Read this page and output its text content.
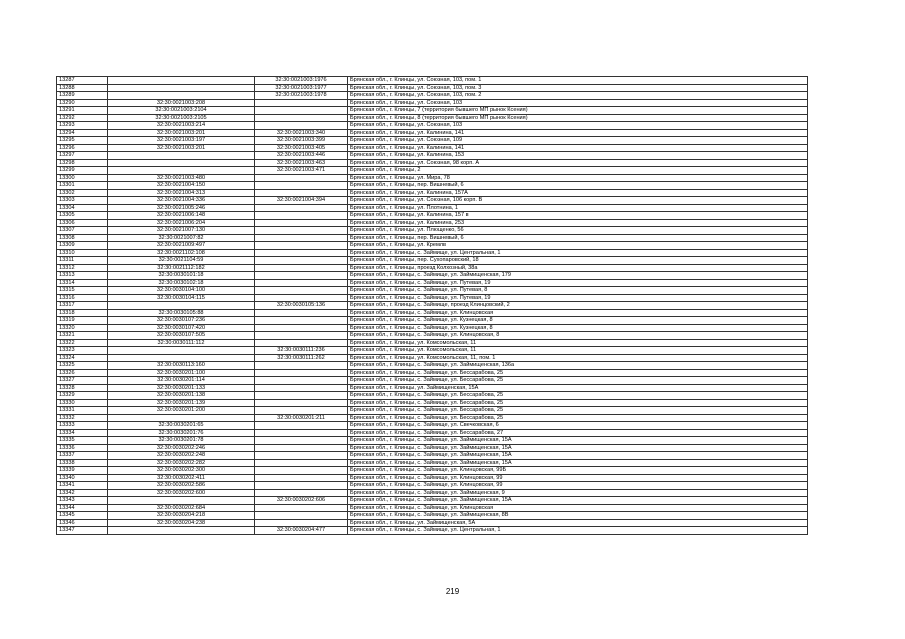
13287		32:30:0021003:1976	Брянская обл., г. Клинцы, ул. Союзная, 103, пом. 1
13288		32:30:0021003:1977	Брянская обл., г. Клинцы, ул. Союзная, 103, пом. 3
13289		32:30:0021003:1978	Брянская обл., г. Клинцы, ул. Союзная, 103, пом. 2
13290	32:30:0021003:208		Брянская обл., г. Клинцы, ул. Союзная, 103
13291	32:30:0021003:2104		Брянская обл., г. Клинцы, 7 (территория бывшего МП рынок Ксения)
13292	32:30:0021003:2105		Брянская обл., г. Клинцы, 8 (территория бывшего МП рынок Ксения)
13293	32:30:0021003:214		Брянская обл., г. Клинцы, ул. Союзная, 103
13294	32:30:0021003:201	32:30:0021003:340	Брянская обл., г. Клинцы, ул. Калинина, 141
13295	32:30:0021003:197	32:30:0021003:399	Брянская обл., г. Клинцы, ул. Союзная, 109
13296	32:30:0021003:201	32:30:0021003:405	Брянская обл., г. Клинцы, ул. Калинина, 141
13297		32:30:0021003:446	Брянская обл., г. Клинцы, ул. Калинина, 153
13298		32:30:0021003:463	Брянская обл., г. Клинцы, ул. Союзная, 98 корп. А
13299		32:30:0021003:471	Брянская обл., г. Клинцы, 2
13300	32:30:0021003:480		Брянская обл., г. Клинцы, ул. Мира, 78
13301	32:30:0021004:150		Брянская обл., г. Клинцы, пер. Вишневый, 6
13302	32:30:0021004:313		Брянская обл., г. Клинцы, ул. Калинина, 157А
13303	32:30:0021004:336	32:30:0021004:394	Брянская обл., г. Клинцы, ул. Союзная, 106 корп. В
13304	32:30:0021005:246		Брянская обл., г. Клинцы, ул. Плотнина, 1
13305	32:30:0021006:148		Брянская обл., г. Клинцы, ул. Калинина, 157 в
13306	32:30:0021006:204		Брянская обл., г. Клинцы, ул. Калинина, 253
13307	32:30:0021007:130		Брянская обл., г. Клинцы, ул. Плющенко, 56
13308	32:30:0021007:82		Брянская обл., г. Клинцы, пер. Вишневый, 6
13309	32:30:0021009:497		Брянская обл., г. Клинцы, ул. Кремлв
13310	32:30:0021102:108		Брянская обл., г. Клинцы, с. Займище, ул. Центральная, 1
13311	32:30:0021104:59		Брянская обл., г. Клинцы, пер. Сухопаровский, 18
13312	32:30:0021112:182		Брянская обл., г. Клинцы, проезд Колхозный, 38а
13313	32:30:0030101:18		Брянская обл., г. Клинцы, с. Займище, ул. Займищенская, 179
13314	32:30:0030102:18		Брянская обл., г. Клинцы, с. Займище, ул. Путевая, 19
13315	32:30:0030104:100		Брянская обл., г. Клинцы, с. Займище, ул. Путевая, 8
13316	32:30:0030104:115		Брянская обл., г. Клинцы, с. Займище, ул. Путевая, 19
13317		32:30:0030105:136	Брянская обл., г. Клинцы, с. Займище, проезд Клинцовский, 2
13318	32:30:0030105:88		Брянская обл., г. Клинцы, с. Займище, ул. Клинцовская
13319	32:30:0030107:236		Брянская обл., г. Клинцы, с. Займище, ул. Кузнецкая, 8
13320	32:30:0030107:420		Брянская обл., г. Клинцы, с. Займище, ул. Кузнецкая, 8
13321	32:30:0030107:505		Брянская обл., г. Клинцы, с. Займище, ул. Клинцовская, 8
13322	32:30:0030111:112		Брянская обл., г. Клинцы, ул. Комсомольская, 11
13323		32:30:0030111:236	Брянская обл., г. Клинцы, ул. Комсомольская, 11
13324		32:30:0030111:262	Брянская обл., г. Клинцы, ул. Комсомольская, 11, пом. 1
13325	32:30:0030113:160		Брянская обл., г. Клинцы, с. Займище, ул. Займищенская, 136а
13326	32:30:0030201:100		Брянская обл., г. Клинцы, с. Займище, ул. Бессарабова, 25
13327	32:30:0030201:114		Брянская обл., г. Клинцы, с. Займище, ул. Бессарабова, 25
13328	32:30:0030201:133		Брянская обл., г. Клинцы, ул. Займищенская, 15А
13329	32:30:0030201:138		Брянская обл., г. Клинцы, с. Займище, ул. Бессарабова, 25
13330	32:30:0030201:139		Брянская обл., г. Клинцы, с. Займище, ул. Бессарабова, 25
13331	32:30:0030201:200		Брянская обл., г. Клинцы, с. Займище, ул. Бессарабова, 25
13332		32:30:0030201:211	Брянская обл., г. Клинцы, с. Займище, ул. Бессарабова, 25
13333	32:30:0030201:65		Брянская обл., г. Клинцы, с. Займище, ул. Свечковская, 6
13334	32:30:0030201:76		Брянская обл., г. Клинцы, с. Займище, ул. Бессарабова, 27
13335	32:30:0030201:78		Брянская обл., г. Клинцы, с. Займище, ул. Займищенская, 15А
13336	32:30:0030202:246		Брянская обл., г. Клинцы, с. Займище, ул. Займищенская, 15А
13337	32:30:0030202:248		Брянская обл., г. Клинцы, с. Займище, ул. Займищенская, 15А
13338	32:30:0030202:282		Брянская обл., г. Клинцы, с. Займище, ул. Займищенская, 15А
13339	32:30:0030202:300		Брянская обл., г. Клинцы, с. Займище, ул. Клинцовская, 99Б
13340	32:30:0030202:411		Брянская обл., г. Клинцы, с. Займище, ул. Клинцовская, 99
13341	32:30:0030202:586		Брянская обл., г. Клинцы, с. Займище, ул. Клинцовская, 99
13342	32:30:0030202:600		Брянская обл., г. Клинцы, с. Займище, ул. Займищенская, 9
13343		32:30:0030202:606	Брянская обл., г. Клинцы, с. Займище, ул. Займищенская, 15А
13344	32:30:0030202:684		Брянская обл., г. Клинцы, с. Займище, ул. Клинцовская
13345	32:30:0030204:218		Брянская обл., г. Клинцы, с. Займище, ул. Займищенская, 8В
13346	32:30:0030204:238		Брянская обл., г. Клинцы, ул. Займищенская, 5А
13347		32:30:0030204:477	Брянская обл., г. Клинцы, с. Займище, ул. Центральная, 1
219
